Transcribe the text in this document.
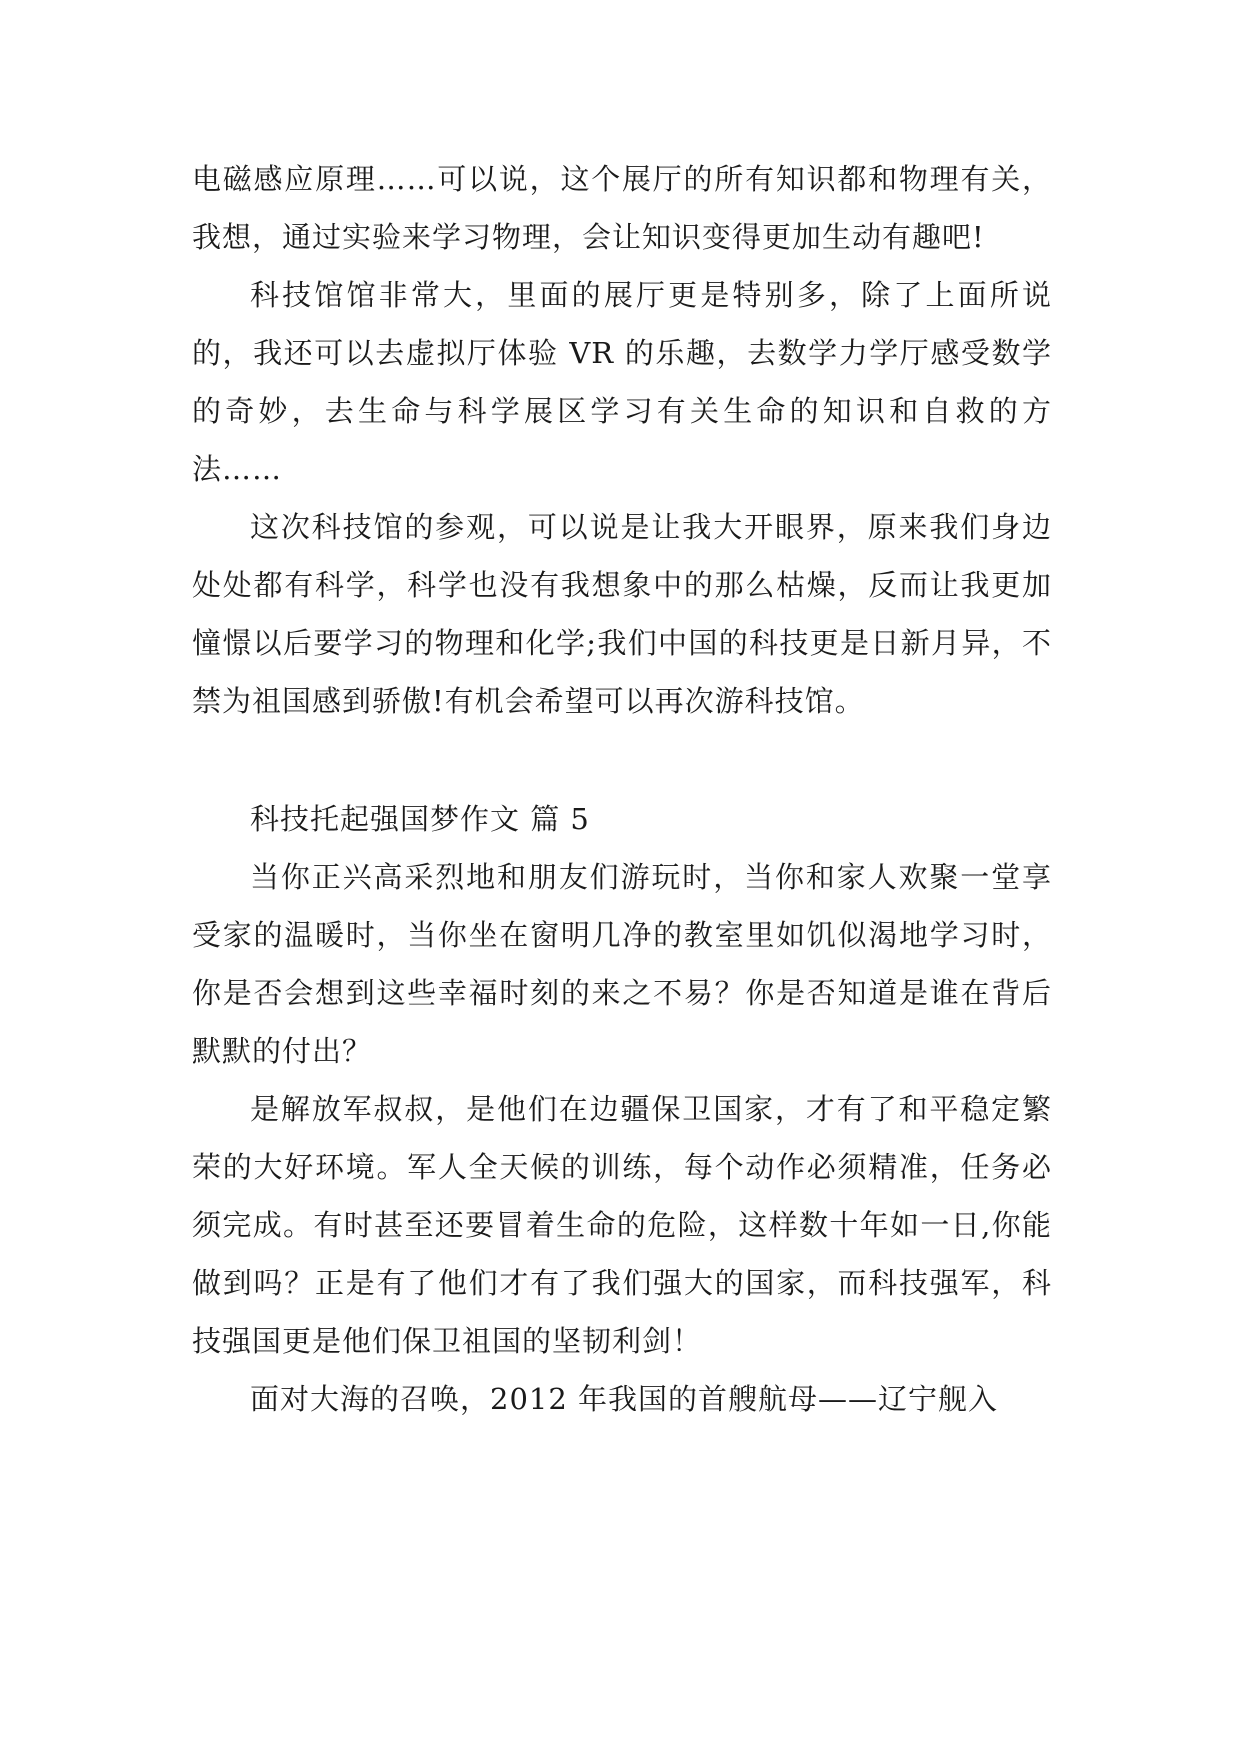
电磁感应原理……可以说，这个展厅的所有知识都和物理有关，我想，通过实验来学习物理，会让知识变得更加生动有趣吧!

科技馆馆非常大，里面的展厅更是特别多，除了上面所说的，我还可以去虚拟厅体验 VR 的乐趣，去数学力学厅感受数学的奇妙，去生命与科学展区学习有关生命的知识和自救的方法……

这次科技馆的参观，可以说是让我大开眼界，原来我们身边处处都有科学，科学也没有我想象中的那么枯燥，反而让我更加憧憬以后要学习的物理和化学;我们中国的科技更是日新月异，不禁为祖国感到骄傲!有机会希望可以再次游科技馆。

科技托起强国梦作文 篇 5

当你正兴高采烈地和朋友们游玩时，当你和家人欢聚一堂享受家的温暖时，当你坐在窗明几净的教室里如饥似渴地学习时，你是否会想到这些幸福时刻的来之不易？你是否知道是谁在背后默默的付出？

是解放军叔叔，是他们在边疆保卫国家，才有了和平稳定繁荣的大好环境。军人全天候的训练，每个动作必须精准，任务必须完成。有时甚至还要冒着生命的危险，这样数十年如一日,你能做到吗？正是有了他们才有了我们强大的国家，而科技强军，科技强国更是他们保卫祖国的坚韧利剑！

面对大海的召唤，2012 年我国的首艘航母——辽宁舰入
